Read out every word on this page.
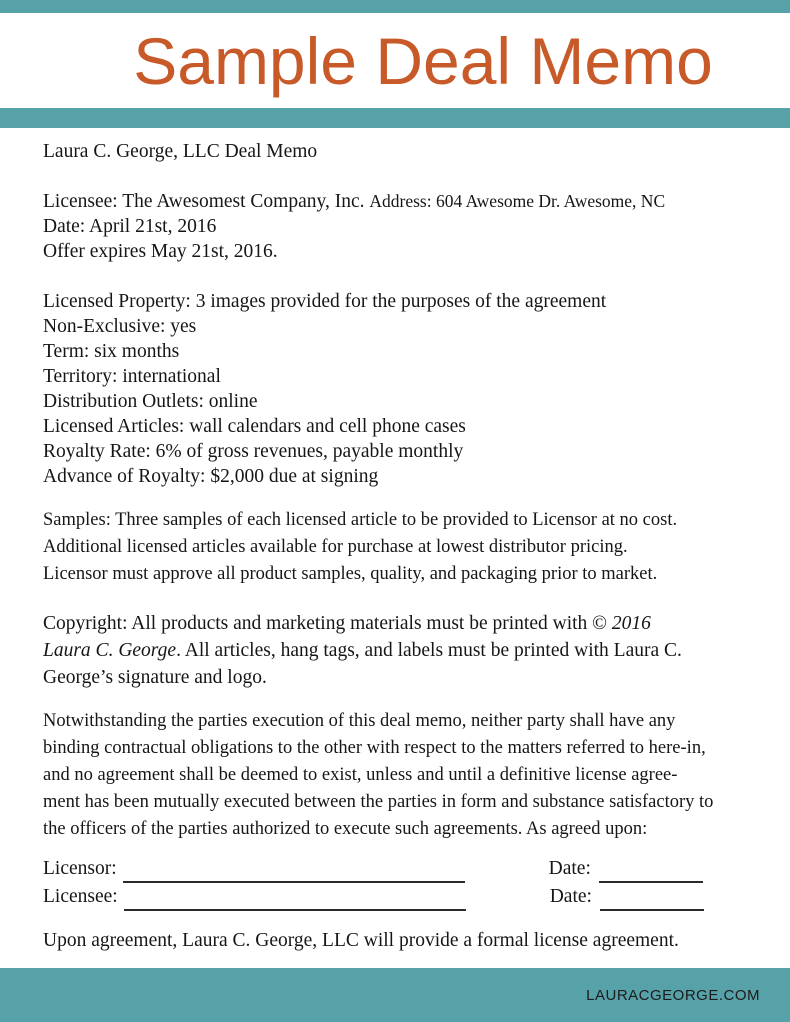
Sample Deal Memo
Laura C. George, LLC Deal Memo
Licensee: The Awesomest Company, Inc. Address: 604 Awesome Dr. Awesome, NC
Date: April 21st, 2016
Offer expires May 21st, 2016.
Licensed Property: 3 images provided for the purposes of the agreement
Non-Exclusive: yes
Term: six months
Territory: international
Distribution Outlets: online
Licensed Articles: wall calendars and cell phone cases
Royalty Rate: 6% of gross revenues, payable monthly
Advance of Royalty: $2,000 due at signing
Samples: Three samples of each licensed article to be provided to Licensor at no cost.
Additional licensed articles available for purchase at lowest distributor pricing.
Licensor must approve all product samples, quality, and packaging prior to market.
Copyright: All products and marketing materials must be printed with © 2016
Laura C. George. All articles, hang tags, and labels must be printed with Laura C.
George’s signature and logo.
Notwithstanding the parties execution of this deal memo, neither party shall have any
binding contractual obligations to the other with respect to the matters referred to here-in,
and no agreement shall be deemed to exist, unless and until a definitive license agree-
ment has been mutually executed between the parties in form and substance satisfactory to
the officers of the parties authorized to execute such agreements. As agreed upon:
Licensor:	Date:
Licensee:	Date:
Upon agreement, Laura C. George, LLC will provide a formal license agreement.
LAURACGEORGE.COM
